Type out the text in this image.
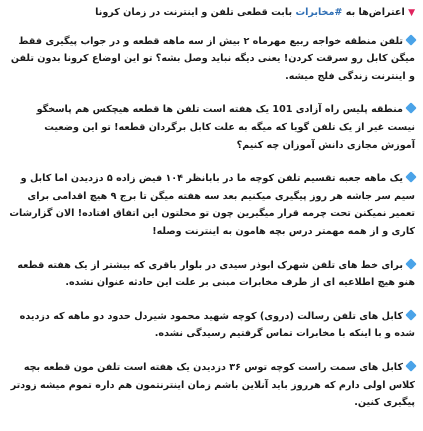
▼ اعتراض‌ها به #مخابرات بابت قطعی تلفن و اینترنت در زمان کرونا
تلفن منطقه خواجه ربیع مهرماه ۲ بیش از سه ماهه قطعه و در جواب پیگیری فقط میگن کابل رو سرقت کردن! یعنی دیگه نباید وصل بشه؟ تو این اوضاع کرونا بدون تلفن و اینترنت زندگی فلج میشه.
منطقه پلیس راه آزادی 101 یک هفته است تلفن ها قطعه هیچکس هم پاسخگو نیست غیر از یک تلفن گویا که میگه به علت کابل برگردان قطعه! تو این وضعیت آموزش مجازی دانش آموزان چه کنیم؟
یک ماهه جعبه تقسیم تلفن کوچه ما در بابانظر ۱۰۴ فیض زاده ۵ دزدیدن اما کابل و سیم سر جاشه هر روز پیگیری میکنیم بعد سه هفته میگن تا برج ۹ هیچ اقدامی برای تعمیر نمیکنن تحت چرمه قرار میگیرین چون تو محلتون این اتفاق افتاده! الان گزارشات کاری و از همه مهمتر درس بچه هامون به اینترنت وصله!
برای خط های تلفن شهرک ابوذر سیدی در بلوار باقری که بیشتر از یک هفته قطعه هنو هیچ اطلاعیه ای از طرف مخابرات مبنی بر علت این حادثه عنوان نشده.
کابل های تلفن رسالت (دروی) کوچه شهید محمود شیردل حدود دو ماهه که دزدیده شده و با اینکه با مخابرات تماس گرفتیم رسیدگی نشده.
کابل های سمت راست کوچه توس ۳۶ دزدیدن یک هفته است تلفن مون قطعه بچه کلاس اولی دارم که هرروز باید آنلاین باشم زمان اینترنتمون هم داره تموم میشه زودتر پیگیری کنین.
